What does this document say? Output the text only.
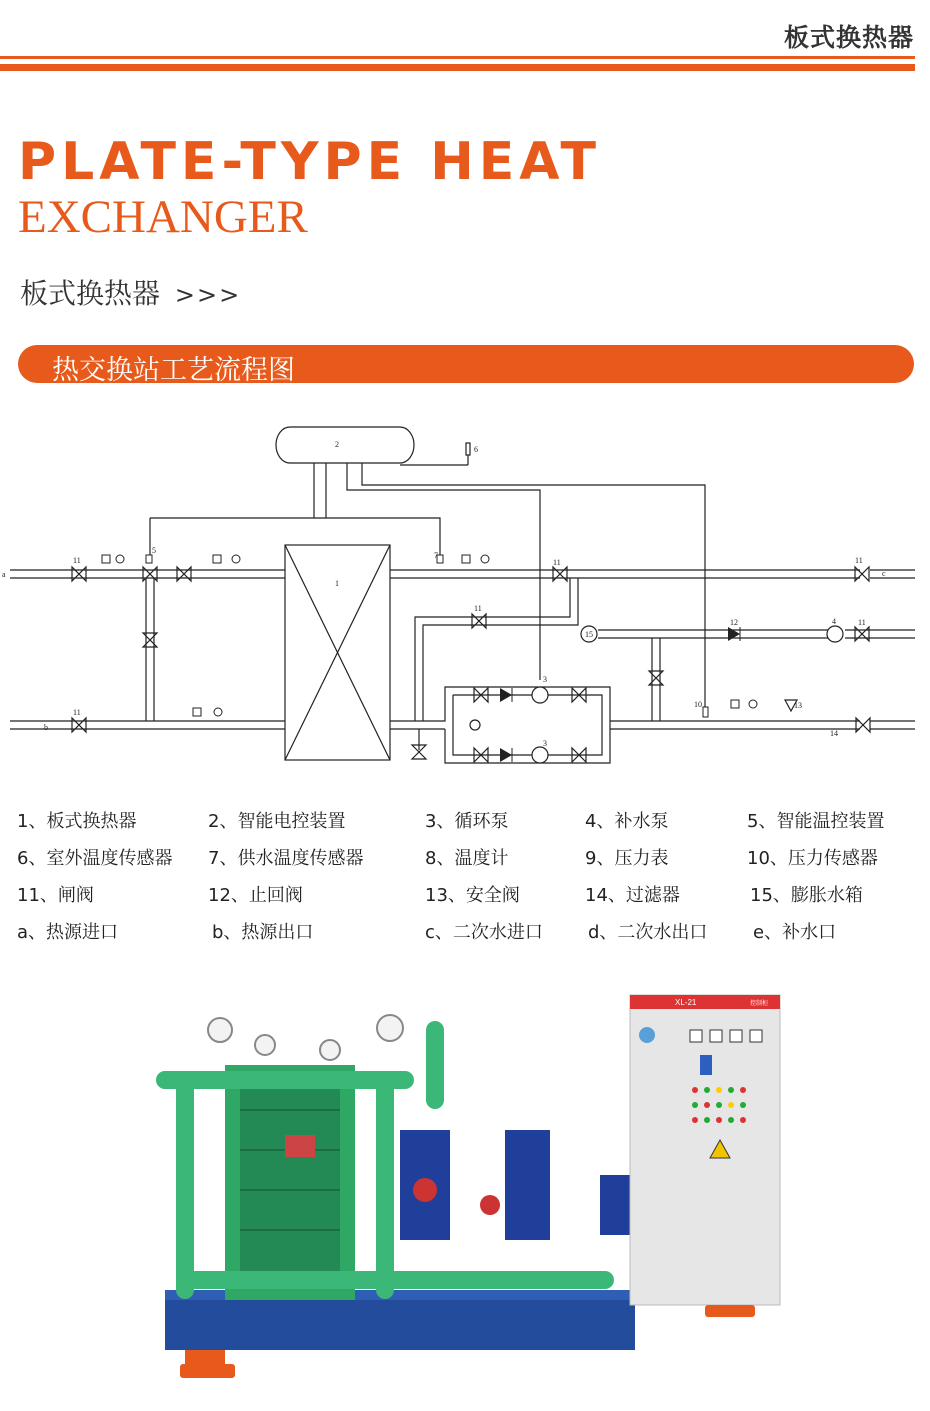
板式换热器
PLATE-TYPE HEAT
EXCHANGER
板式换热器 >>>
热交换站工艺流程图
2
1
6
5
7
15
11
11
11	11
11
11
12
3
3
4
10
14
13
a
b
c
1、板式换热器	2、智能电控装置	3、循环泵	4、补水泵	5、智能温控装置
6、室外温度传感器 7、供水温度传感器	8、温度计	9、压力表	10、压力传感器
11、闸阀	12、止回阀	13、安全阀	14、过滤器	15、膨胀水箱
a、热源进口	b、热源出口	c、二次水进口	d、二次水出口	e、补水口
XL-21	控制柜
